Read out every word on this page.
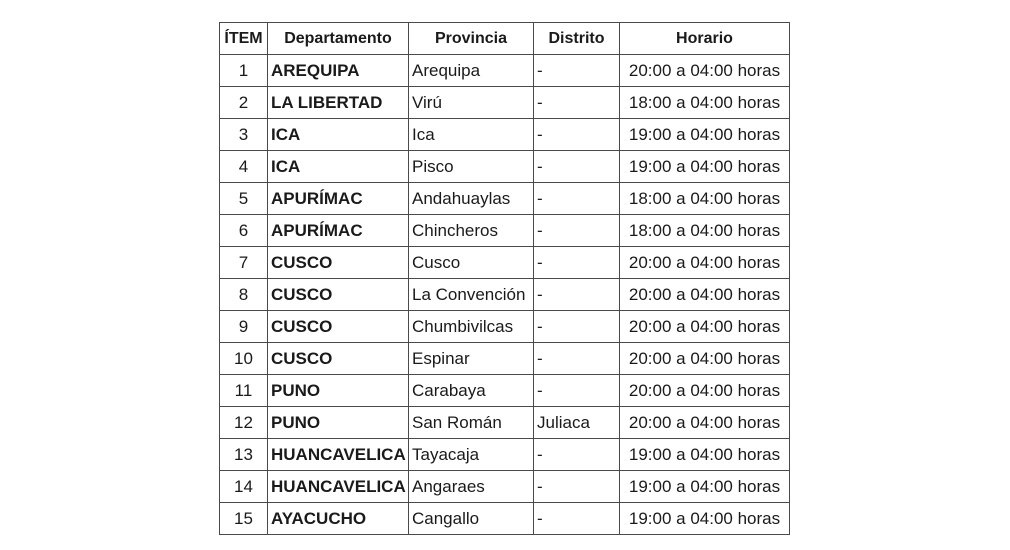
ÍTEM	Departamento	Provincia	Distrito	Horario
1	AREQUIPA	Arequipa	-	20:00 a 04:00 horas
2	LA LIBERTAD	Virú	-	18:00 a 04:00 horas
3	ICA	Ica	-	19:00 a 04:00 horas
4	ICA	Pisco	-	19:00 a 04:00 horas
5	APURÍMAC	Andahuaylas	-	18:00 a 04:00 horas
6	APURÍMAC	Chincheros	-	18:00 a 04:00 horas
7	CUSCO	Cusco	-	20:00 a 04:00 horas
8	CUSCO	La Convención	-	20:00 a 04:00 horas
9	CUSCO	Chumbivilcas	-	20:00 a 04:00 horas
10	CUSCO	Espinar	-	20:00 a 04:00 horas
11	PUNO	Carabaya	-	20:00 a 04:00 horas
12	PUNO	San Román	Juliaca	20:00 a 04:00 horas
13	HUANCAVELICA	Tayacaja	-	19:00 a 04:00 horas
14	HUANCAVELICA	Angaraes	-	19:00 a 04:00 horas
15	AYACUCHO	Cangallo	-	19:00 a 04:00 horas
